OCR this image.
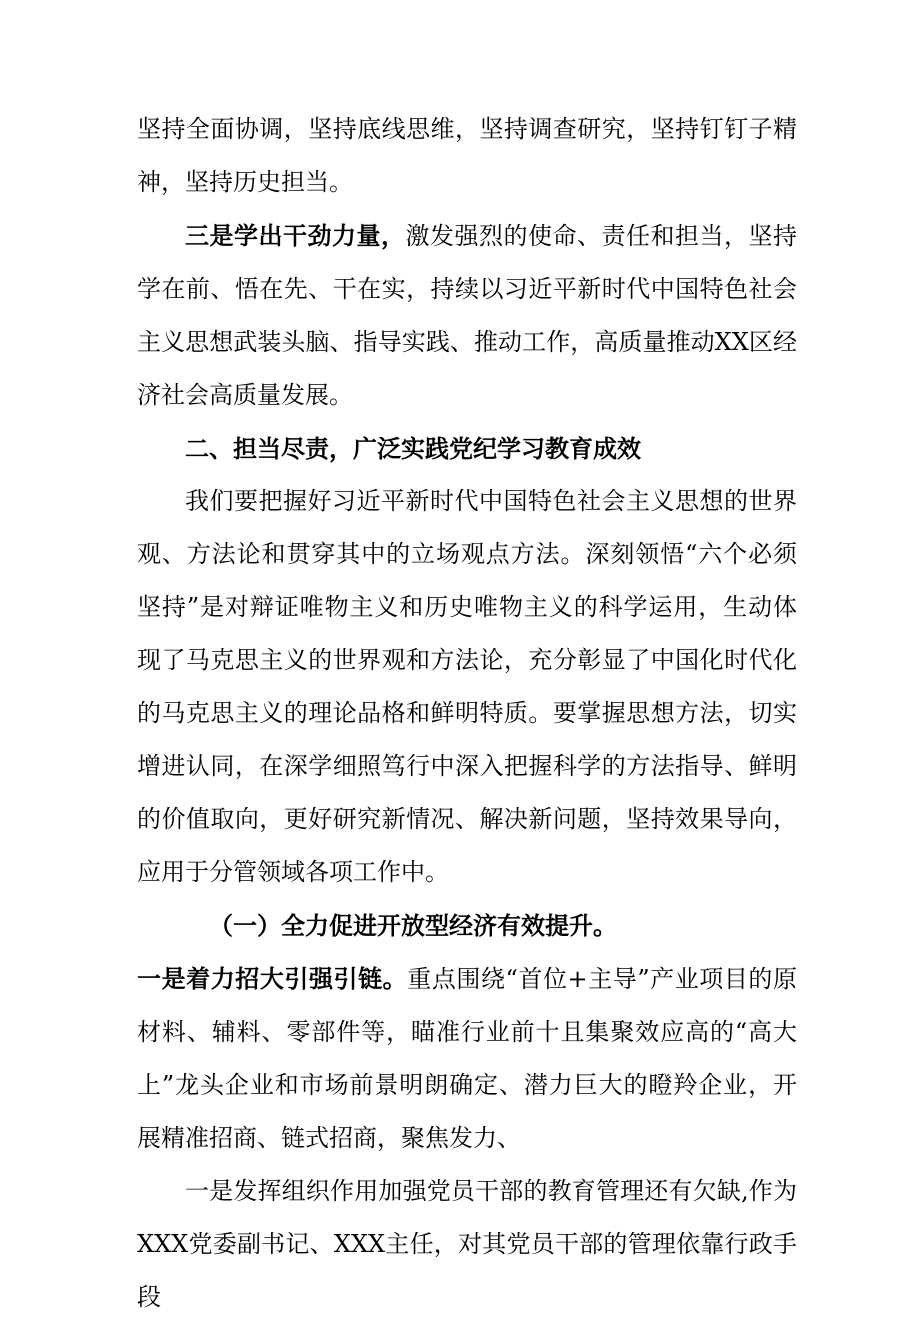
坚持全面协调，坚持底线思维，坚持调查研究，坚持钉钉子精神，坚持历史担当。

三是学出干劲力量，激发强烈的使命、责任和担当，坚持学在前、悟在先、干在实，持续以习近平新时代中国特色社会主义思想武装头脑、指导实践、推动工作，高质量推动XX区经济社会高质量发展。

二、担当尽责，广泛实践党纪学习教育成效

我们要把握好习近平新时代中国特色社会主义思想的世界观、方法论和贯穿其中的立场观点方法。深刻领悟“六个必须坚持”是对辩证唯物主义和历史唯物主义的科学运用，生动体现了马克思主义的世界观和方法论，充分彰显了中国化时代化的马克思主义的理论品格和鲜明特质。要掌握思想方法，切实增进认同，在深学细照笃行中深入把握科学的方法指导、鲜明的价值取向，更好研究新情况、解决新问题，坚持效果导向，应用于分管领域各项工作中。

（一）全力促进开放型经济有效提升。

一是着力招大引强引链。重点围绕“首位+主导”产业项目的原材料、辅料、零部件等，瞄准行业前十且集聚效应高的“高大上”龙头企业和市场前景明朗确定、潜力巨大的瞪羚企业，开展精准招商、链式招商，聚焦发力、

一是发挥组织作用加强党员干部的教育管理还有欠缺,作为XXX党委副书记、XXX主任，对其党员干部的管理依靠行政手段
